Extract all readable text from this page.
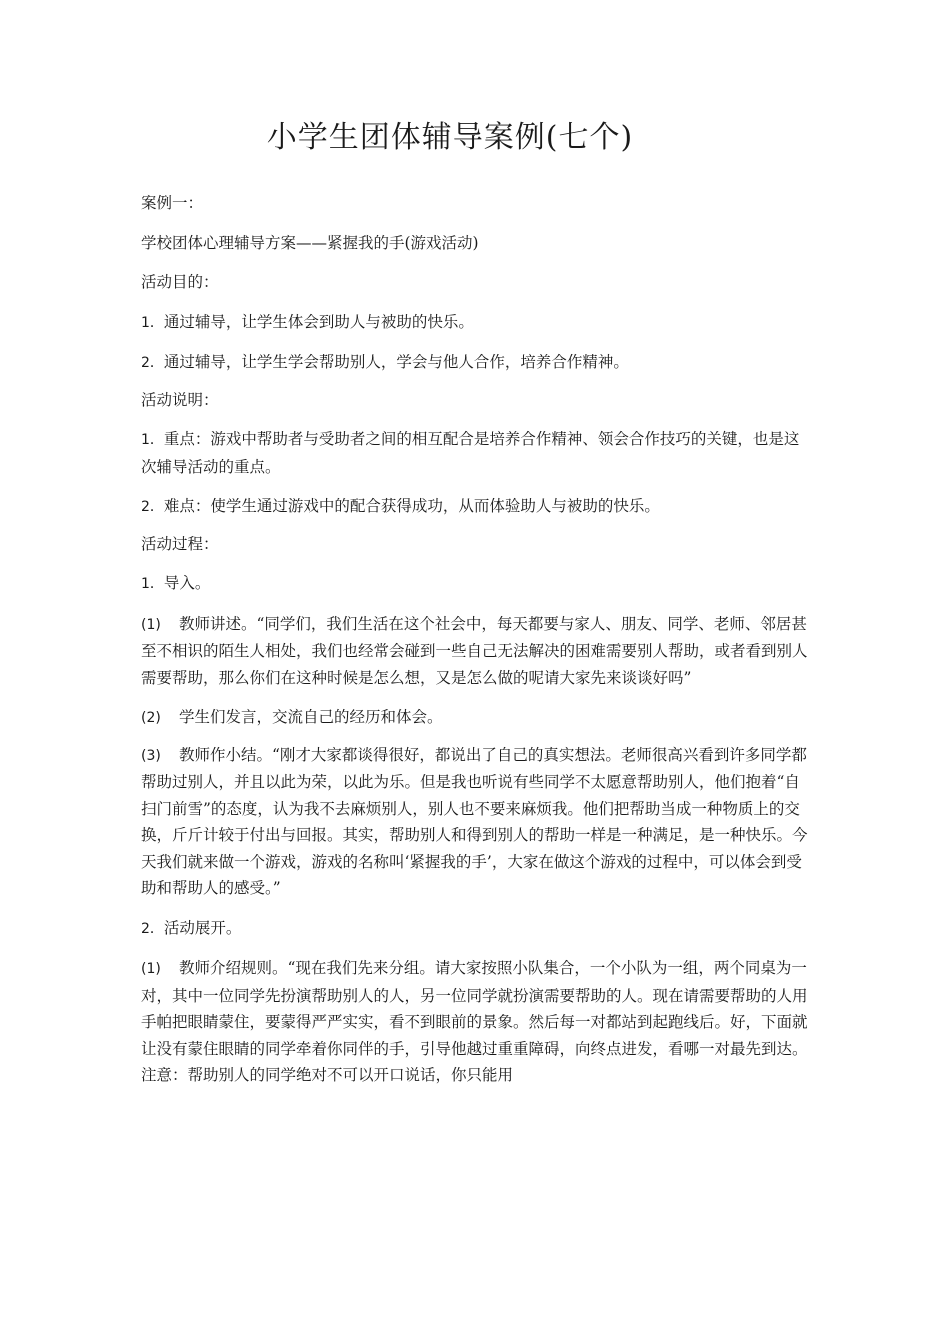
小学生团体辅导案例(七个)

案例一：

学校团体心理辅导方案——紧握我的手(游戏活动)

活动目的：

1．通过辅导，让学生体会到助人与被助的快乐。

2．通过辅导，让学生学会帮助别人，学会与他人合作，培养合作精神。

活动说明：

1．重点：游戏中帮助者与受助者之间的相互配合是培养合作精神、领会合作技巧的关键，也是这次辅导活动的重点。

2．难点：使学生通过游戏中的配合获得成功，从而体验助人与被助的快乐。

活动过程：

1．导入。

(1) 教师讲述。“同学们，我们生活在这个社会中，每天都要与家人、朋友、同学、老师、邻居甚至不相识的陌生人相处，我们也经常会碰到一些自己无法解决的困难需要别人帮助，或者看到别人需要帮助，那么你们在这种时候是怎么想，又是怎么做的呢请大家先来谈谈好吗”

(2) 学生们发言，交流自己的经历和体会。

(3) 教师作小结。“刚才大家都谈得很好，都说出了自己的真实想法。老师很高兴看到许多同学都帮助过别人，并且以此为荣，以此为乐。但是我也听说有些同学不太愿意帮助别人，他们抱着“自扫门前雪”的态度，认为我不去麻烦别人，别人也不要来麻烦我。他们把帮助当成一种物质上的交换，斤斤计较于付出与回报。其实，帮助别人和得到别人的帮助一样是一种满足，是一种快乐。今天我们就来做一个游戏，游戏的名称叫‘紧握我的手’，大家在做这个游戏的过程中，可以体会到受助和帮助人的感受。”

2．活动展开。

(1) 教师介绍规则。“现在我们先来分组。请大家按照小队集合，一个小队为一组，两个同桌为一对，其中一位同学先扮演帮助别人的人，另一位同学就扮演需要帮助的人。现在请需要帮助的人用手帕把眼睛蒙住，要蒙得严严实实，看不到眼前的景象。然后每一对都站到起跑线后。好，下面就让没有蒙住眼睛的同学牵着你同伴的手，引导他越过重重障碍，向终点进发，看哪一对最先到达。注意：帮助别人的同学绝对不可以开口说话，你只能用
